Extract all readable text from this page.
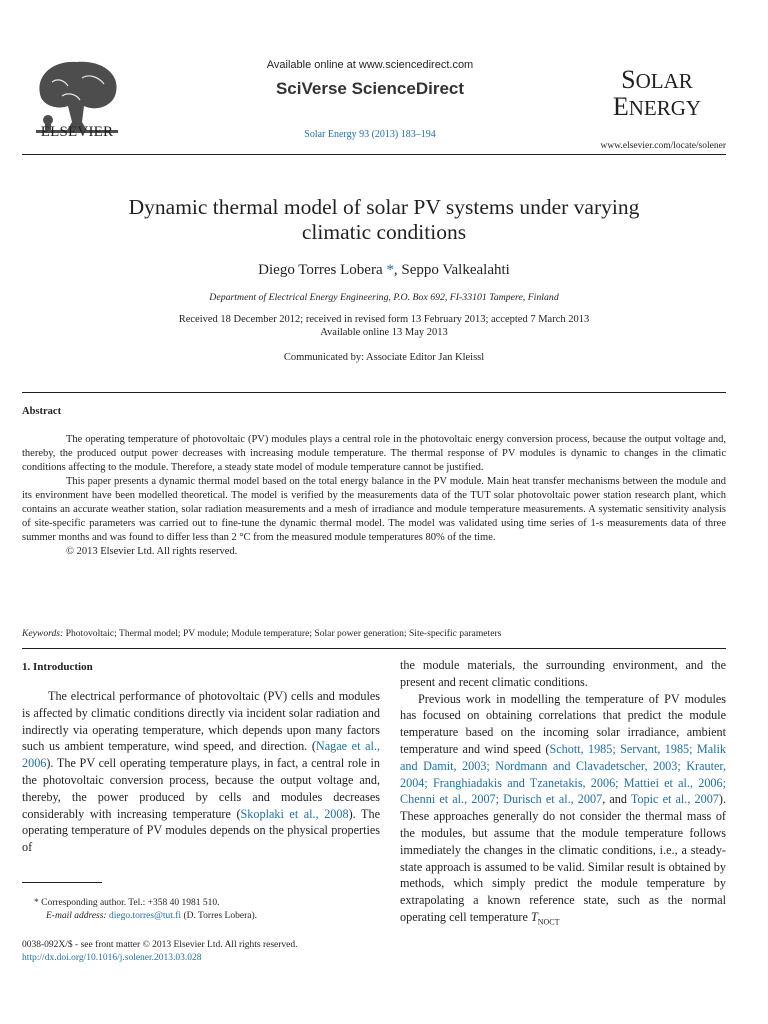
ELSEVIER
Available online at www.sciencedirect.com
SciVerse ScienceDirect
Solar Energy 93 (2013) 183–194
SOLAR
ENERGY
www.elsevier.com/locate/solener
Dynamic thermal model of solar PV systems under varying
climatic conditions
Diego Torres Lobera *, Seppo Valkealahti
Department of Electrical Energy Engineering, P.O. Box 692, FI-33101 Tampere, Finland
Received 18 December 2012; received in revised form 13 February 2013; accepted 7 March 2013
Available online 13 May 2013
Communicated by: Associate Editor Jan Kleissl
Abstract

The operating temperature of photovoltaic (PV) modules plays a central role in the photovoltaic energy conversion process, because the output voltage and, thereby, the produced output power decreases with increasing module temperature. The thermal response of PV modules is dynamic to changes in the climatic conditions affecting to the module. Therefore, a steady state model of module temperature cannot be justified.

This paper presents a dynamic thermal model based on the total energy balance in the PV module. Main heat transfer mechanisms between the module and its environment have been modelled theoretical. The model is verified by the measurements data of the TUT solar photovoltaic power station research plant, which contains an accurate weather station, solar radiation measurements and a mesh of irradiance and module temperature measurements. A systematic sensitivity analysis of site-specific parameters was carried out to fine-tune the dynamic thermal model. The model was validated using time series of 1-s measurements data of three summer months and was found to differ less than 2 °C from the measured module temperatures 80% of the time.

© 2013 Elsevier Ltd. All rights reserved.

Keywords: Photovoltaic; Thermal model; PV module; Module temperature; Solar power generation; Site-specific parameters
1. Introduction

The electrical performance of photovoltaic (PV) cells and modules is affected by climatic conditions directly via incident solar radiation and indirectly via operating temperature, which depends upon many factors such us ambient temperature, wind speed, and direction. (Nagae et al., 2006). The PV cell operating temperature plays, in fact, a central role in the photovoltaic conversion process, because the output voltage and, thereby, the power produced by cells and modules decreases considerably with increasing temperature (Skoplaki et al., 2008). The operating temperature of PV modules depends on the physical properties of

the module materials, the surrounding environment, and the present and recent climatic conditions.

Previous work in modelling the temperature of PV modules has focused on obtaining correlations that predict the module temperature based on the incoming solar irradiance, ambient temperature and wind speed (Schott, 1985; Servant, 1985; Malik and Damit, 2003; Nordmann and Clavadetscher, 2003; Krauter, 2004; Franghiadakis and Tzanetakis, 2006; Mattiei et al., 2006; Chenni et al., 2007; Durisch et al., 2007, and Topic et al., 2007). These approaches generally do not consider the thermal mass of the modules, but assume that the module temperature follows immediately the changes in the climatic conditions, i.e., a steady-state approach is assumed to be valid. Similar result is obtained by methods, which simply predict the module temperature by extrapolating a known reference state, such as the normal operating cell temperature $T_{NOCT}$

* Corresponding author. Tel.: +358 40 1981 510.
E-mail address: diego.torres@tut.fi (D. Torres Lobera).
0038-092X/$ - see front matter © 2013 Elsevier Ltd. All rights reserved.
http://dx.doi.org/10.1016/j.solener.2013.03.028
